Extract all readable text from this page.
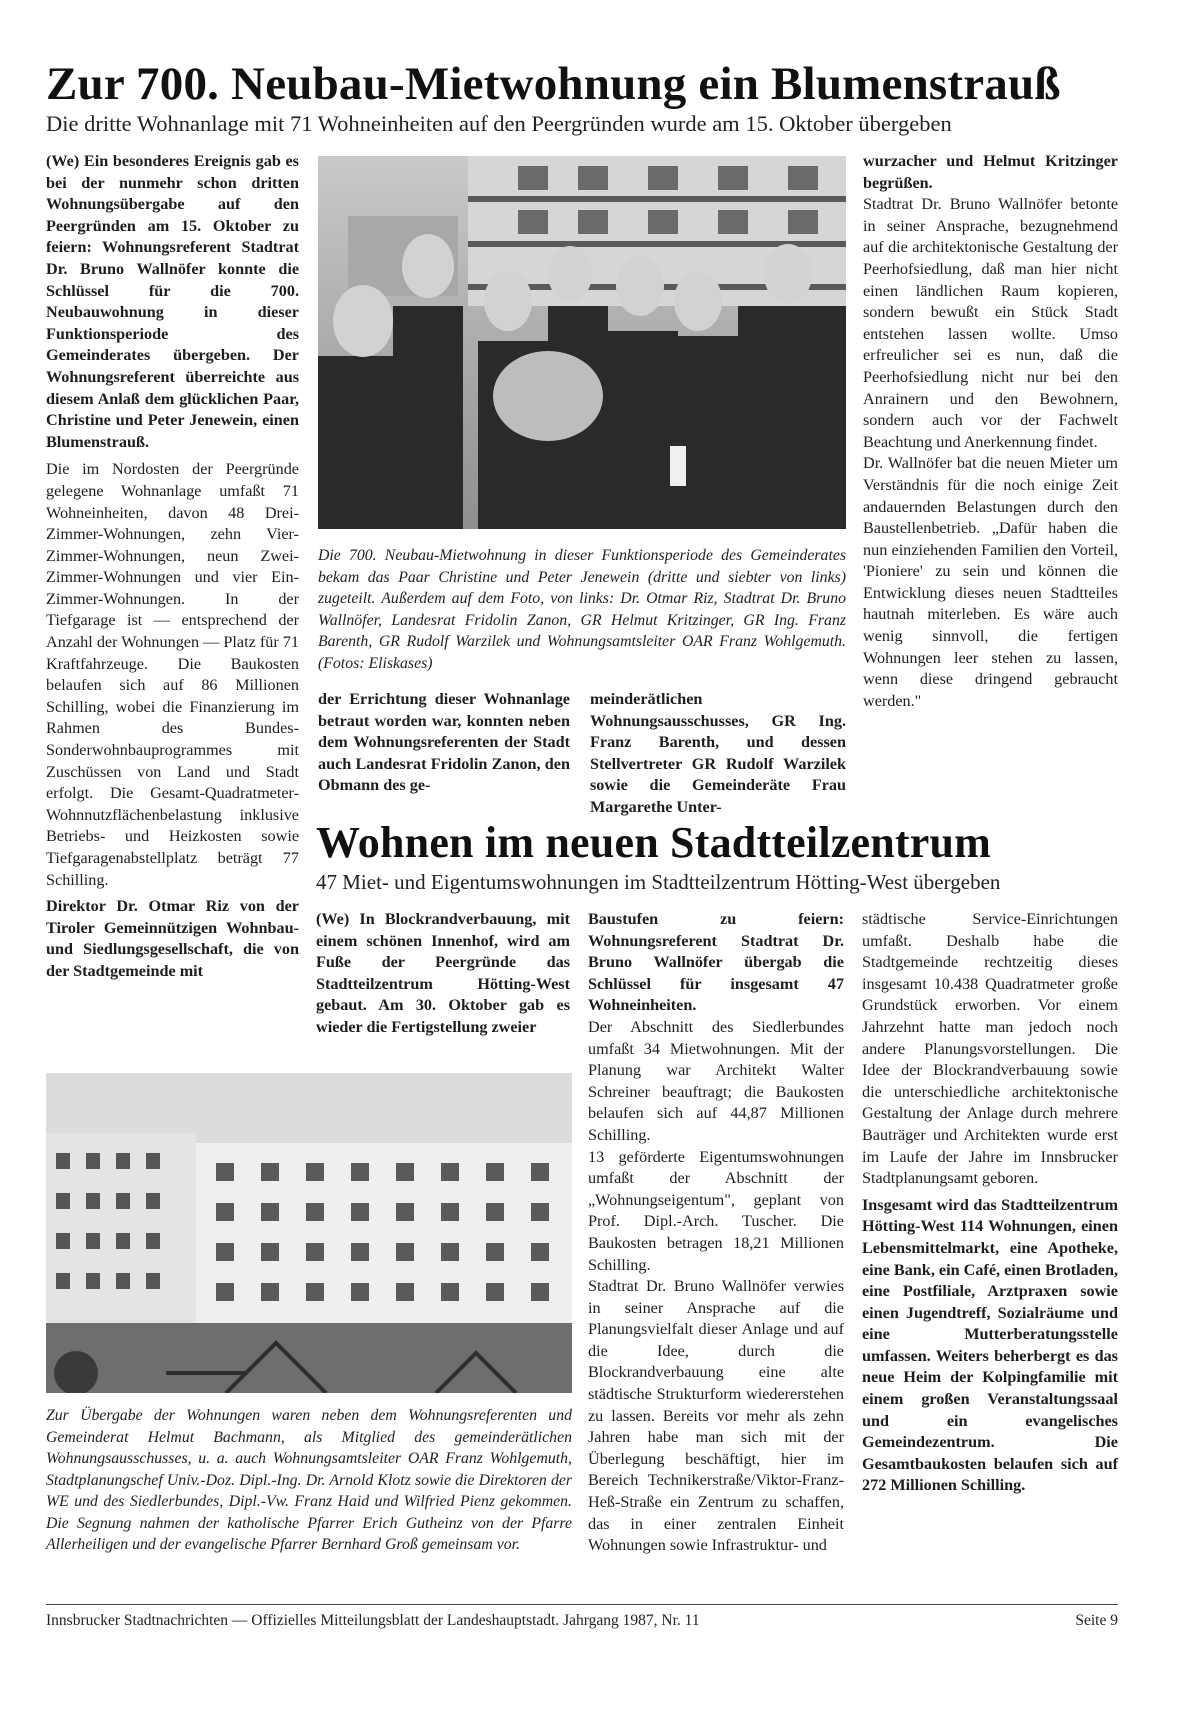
Zur 700. Neubau-Mietwohnung ein Blumenstrauß
Die dritte Wohnanlage mit 71 Wohneinheiten auf den Peergründen wurde am 15. Oktober übergeben

(We) Ein besonderes Ereignis gab es bei der nunmehr schon dritten Wohnungsübergabe auf den Peergründen am 15. Oktober zu feiern: Wohnungsreferent Stadtrat Dr. Bruno Wallnöfer konnte die Schlüssel für die 700. Neubauwohnung in dieser Funktionsperiode des Gemeinderates übergeben. Der Wohnungsreferent überreichte aus diesem Anlaß dem glücklichen Paar, Christine und Peter Jenewein, einen Blumenstrauß.

Die im Nordosten der Peergründe gelegene Wohnanlage umfaßt 71 Wohneinheiten, davon 48 Drei-Zimmer-Wohnungen, zehn Vier-Zimmer-Wohnungen, neun Zwei-Zimmer-Wohnungen und vier Ein-Zimmer-Wohnungen. In der Tiefgarage ist — entsprechend der Anzahl der Wohnungen — Platz für 71 Kraftfahrzeuge. Die Baukosten belaufen sich auf 86 Millionen Schilling, wobei die Finanzierung im Rahmen des Bundes-Sonderwohnbauprogrammes mit Zuschüssen von Land und Stadt erfolgt. Die Gesamt-Quadratmeter-Wohnnutzflächenbelastung inklusive Betriebs- und Heizkosten sowie Tiefgaragenabstellplatz beträgt 77 Schilling.

Direktor Dr. Otmar Riz von der Tiroler Gemeinnützigen Wohnbau- und Siedlungsgesellschaft, die von der Stadtgemeinde mit

Die 700. Neubau-Mietwohnung in dieser Funktionsperiode des Gemeinderates bekam das Paar Christine und Peter Jenewein (dritte und siebter von links) zugeteilt. Außerdem auf dem Foto, von links: Dr. Otmar Riz, Stadtrat Dr. Bruno Wallnöfer, Landesrat Fridolin Zanon, GR Helmut Kritzinger, GR Ing. Franz Barenth, GR Rudolf Warzilek und Wohnungsamtsleiter OAR Franz Wohlgemuth. (Fotos: Eliskases)
der Errichtung dieser Wohnanlage betraut worden war, konnten neben dem Wohnungsreferenten der Stadt auch Landesrat Fridolin Zanon, den Obmann des ge-
meinderätlichen Wohnungsausschusses, GR Ing. Franz Barenth, und dessen Stellvertreter GR Rudolf Warzilek sowie die Gemeinderäte Frau Margarethe Unter-

wurzacher und Helmut Kritzinger begrüßen.

Stadtrat Dr. Bruno Wallnöfer betonte in seiner Ansprache, bezugnehmend auf die architektonische Gestaltung der Peerhofsiedlung, daß man hier nicht einen ländlichen Raum kopieren, sondern bewußt ein Stück Stadt entstehen lassen wollte. Umso erfreulicher sei es nun, daß die Peerhofsiedlung nicht nur bei den Anrainern und den Bewohnern, sondern auch vor der Fachwelt Beachtung und Anerkennung findet.

Dr. Wallnöfer bat die neuen Mieter um Verständnis für die noch einige Zeit andauernden Belastungen durch den Baustellenbetrieb. „Dafür haben die nun einziehenden Familien den Vorteil, 'Pioniere' zu sein und können die Entwicklung dieses neuen Stadtteiles hautnah miterleben. Es wäre auch wenig sinnvoll, die fertigen Wohnungen leer stehen zu lassen, wenn diese dringend gebraucht werden."

Wohnen im neuen Stadtteilzentrum
47 Miet- und Eigentumswohnungen im Stadtteilzentrum Hötting-West übergeben
(We) In Blockrandverbauung, mit einem schönen Innenhof, wird am Fuße der Peergründe das Stadtteilzentrum Hötting-West gebaut. Am 30. Oktober gab es wieder die Fertigstellung zweier

Baustufen zu feiern: Wohnungsreferent Stadtrat Dr. Bruno Wallnöfer übergab die Schlüssel für insgesamt 47 Wohneinheiten.

Der Abschnitt des Siedlerbundes umfaßt 34 Mietwohnungen. Mit der Planung war Architekt Walter Schreiner beauftragt; die Baukosten belaufen sich auf 44,87 Millionen Schilling.

13 geförderte Eigentumswohnungen umfaßt der Abschnitt der „Wohnungseigentum", geplant von Prof. Dipl.-Arch. Tuscher. Die Baukosten betragen 18,21 Millionen Schilling.

Stadtrat Dr. Bruno Wallnöfer verwies in seiner Ansprache auf die Planungsvielfalt dieser Anlage und auf die Idee, durch die Blockrandverbauung eine alte städtische Strukturform wiedererstehen zu lassen. Bereits vor mehr als zehn Jahren habe man sich mit der Überlegung beschäftigt, hier im Bereich Technikerstraße/Viktor-Franz-Heß-Straße ein Zentrum zu schaffen, das in einer zentralen Einheit Wohnungen sowie Infrastruktur- und

städtische Service-Einrichtungen umfaßt. Deshalb habe die Stadtgemeinde rechtzeitig dieses insgesamt 10.438 Quadratmeter große Grundstück erworben. Vor einem Jahrzehnt hatte man jedoch noch andere Planungsvorstellungen. Die Idee der Blockrandverbauung sowie die unterschiedliche architektonische Gestaltung der Anlage durch mehrere Bauträger und Architekten wurde erst im Laufe der Jahre im Innsbrucker Stadtplanungsamt geboren.

Insgesamt wird das Stadtteilzentrum Hötting-West 114 Wohnungen, einen Lebensmittelmarkt, eine Apotheke, eine Bank, ein Café, einen Brotladen, eine Postfiliale, Arztpraxen sowie einen Jugendtreff, Sozialräume und eine Mutterberatungsstelle umfassen. Weiters beherbergt es das neue Heim der Kolpingfamilie mit einem großen Veranstaltungssaal und ein evangelisches Gemeindezentrum. Die Gesamtbaukosten belaufen sich auf 272 Millionen Schilling.

Zur Übergabe der Wohnungen waren neben dem Wohnungsreferenten und Gemeinderat Helmut Bachmann, als Mitglied des gemeinderätlichen Wohnungsausschusses, u. a. auch Wohnungsamtsleiter OAR Franz Wohlgemuth, Stadtplanungschef Univ.-Doz. Dipl.-Ing. Dr. Arnold Klotz sowie die Direktoren der WE und des Siedlerbundes, Dipl.-Vw. Franz Haid und Wilfried Pienz gekommen. Die Segnung nahmen der katholische Pfarrer Erich Gutheinz von der Pfarre Allerheiligen und der evangelische Pfarrer Bernhard Groß gemeinsam vor.
Innsbrucker Stadtnachrichten — Offizielles Mitteilungsblatt der Landeshauptstadt. Jahrgang 1987, Nr. 11	Seite 9
